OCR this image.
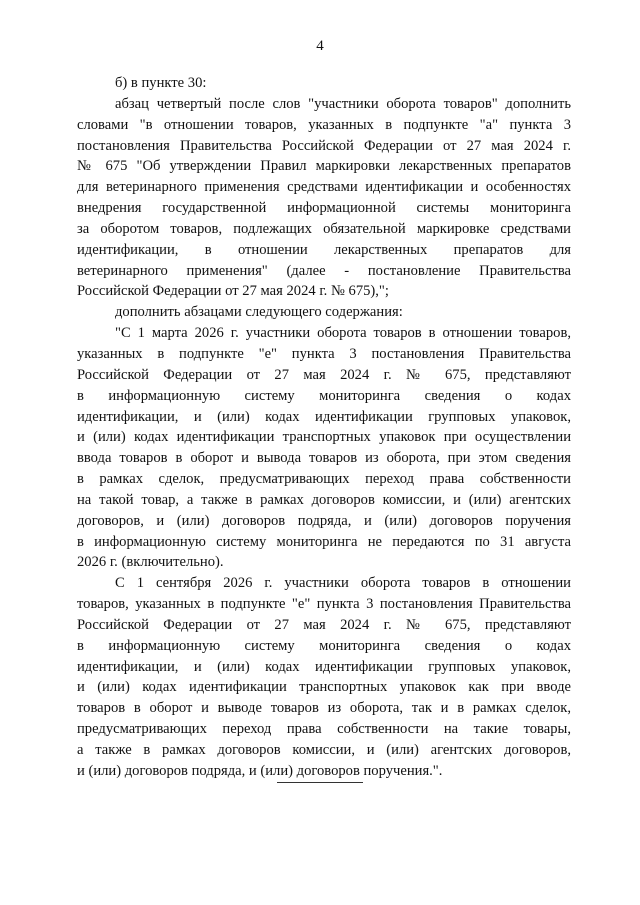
4
б) в пункте 30:
абзац четвертый после слов "участники оборота товаров" дополнить
словами "в отношении товаров, указанных в подпункте "а" пункта 3
постановления Правительства Российской Федерации от 27 мая 2024 г.
№ 675 "Об утверждении Правил маркировки лекарственных препаратов
для ветеринарного применения средствами идентификации и особенностях
внедрения государственной информационной системы мониторинга
за оборотом товаров, подлежащих обязательной маркировке средствами
идентификации, в отношении лекарственных препаратов для
ветеринарного применения" (далее - постановление Правительства
Российской Федерации от 27 мая 2024 г. № 675),";
дополнить абзацами следующего содержания:
"С 1 марта 2026 г. участники оборота товаров в отношении товаров,
указанных в подпункте "е" пункта 3 постановления Правительства
Российской Федерации от 27 мая 2024 г. № 675, представляют
в информационную систему мониторинга сведения о кодах
идентификации, и (или) кодах идентификации групповых упаковок,
и (или) кодах идентификации транспортных упаковок при осуществлении
ввода товаров в оборот и вывода товаров из оборота, при этом сведения
в рамках сделок, предусматривающих переход права собственности
на такой товар, а также в рамках договоров комиссии, и (или) агентских
договоров, и (или) договоров подряда, и (или) договоров поручения
в информационную систему мониторинга не передаются по 31 августа
2026 г. (включительно).
С 1 сентября 2026 г. участники оборота товаров в отношении
товаров, указанных в подпункте "е" пункта 3 постановления Правительства
Российской Федерации от 27 мая 2024 г. № 675, представляют
в информационную систему мониторинга сведения о кодах
идентификации, и (или) кодах идентификации групповых упаковок,
и (или) кодах идентификации транспортных упаковок как при вводе
товаров в оборот и выводе товаров из оборота, так и в рамках сделок,
предусматривающих переход права собственности на такие товары,
а также в рамках договоров комиссии, и (или) агентских договоров,
и (или) договоров подряда, и (или) договоров поручения.".
